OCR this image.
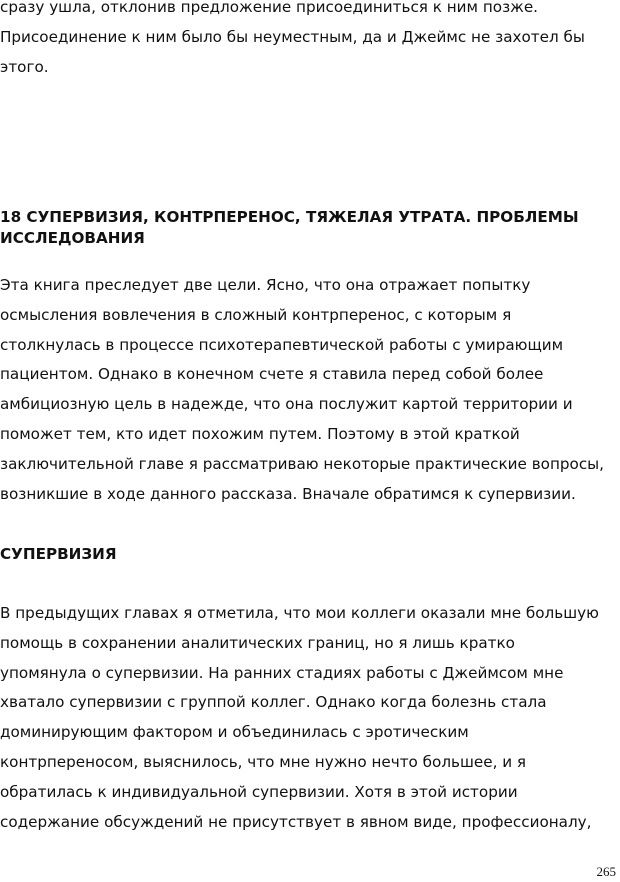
сразу ушла, отклонив предложение присоединиться к ним позже.
Присоединение к ним было бы неуместным, да и Джеймс не захотел бы
этого.

18 СУПЕРВИЗИЯ, КОНТРПЕРЕНОС, ТЯЖЕЛАЯ УТРАТА. ПРОБЛЕМЫ
ИССЛЕДОВАНИЯ

Эта книга преследует две цели. Ясно, что она отражает попытку
осмысления вовлечения в сложный контрперенос, с которым я
столкнулась в процессе психотерапевтической работы с умирающим
пациентом. Однако в конечном счете я ставила перед собой более
амбициозную цель в надежде, что она послужит картой территории и
поможет тем, кто идет похожим путем. Поэтому в этой краткой
заключительной главе я рассматриваю некоторые практические вопросы,
возникшие в ходе данного рассказа. Вначале обратимся к супервизии.

СУПЕРВИЗИЯ

В предыдущих главах я отметила, что мои коллеги оказали мне большую
помощь в сохранении аналитических границ, но я лишь кратко
упомянула о супервизии. На ранних стадиях работы с Джеймсом мне
хватало супервизии с группой коллег. Однако когда болезнь стала
доминирующим фактором и объединилась с эротическим
контрпереносом, выяснилось, что мне нужно нечто большее, и я
обратилась к индивидуальной супервизии. Хотя в этой истории
содержание обсуждений не присутствует в явном виде, профессионалу,

265
